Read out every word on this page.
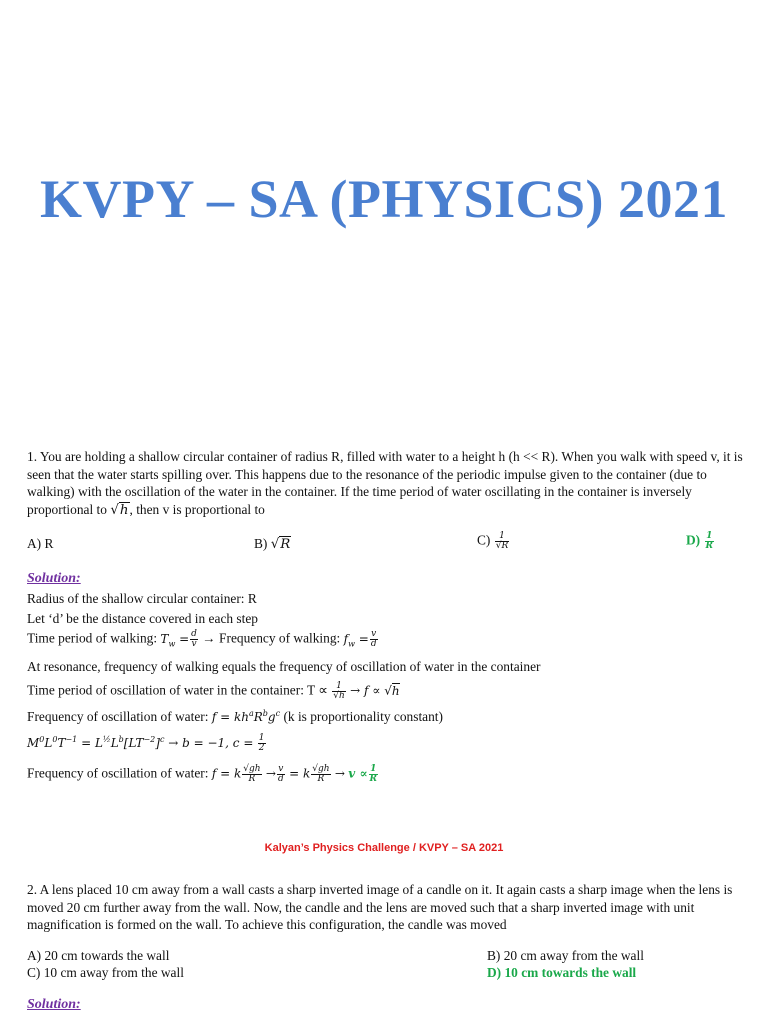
KVPY – SA (PHYSICS) 2021
1. You are holding a shallow circular container of radius R, filled with water to a height h (h << R). When you walk with speed v, it is seen that the water starts spilling over. This happens due to the resonance of the periodic impulse given to the container (due to walking) with the oscillation of the water in the container. If the time period of water oscillating in the container is inversely proportional to √h, then v is proportional to
A) R	B) √R	$C) \frac{1}{√R}$	$D) \frac{1}{R}$
Solution:
Radius of the shallow circular container: R
Let ‘d’ be the distance covered in each step
Time period of walking: $T_w = \frac{d}{v}$ → Frequency of walking: $f_w = \frac{v}{d}$
At resonance, frequency of walking equals the frequency of oscillation of water in the container
Time period of oscillation of water in the container: $T \propto \frac{1}{√h} \to f \propto √h$
Frequency of oscillation of water: $f = kh^aR^bg^c$ (k is proportionality constant)
$M^0L^0T^{-1} = L^{\frac{1}{2}}L^b[LT^{-2}]^c \to b = -1$, $c = \frac{1}{2}$
Frequency of oscillation of water: f = k $\frac{√gh}{R} \to \frac{v}{d} = k \frac{√gh}{R} \to v \propto \frac{1}{R}$
Kalyan’s Physics Challenge / KVPY – SA 2021
2. A lens placed 10 cm away from a wall casts a sharp inverted image of a candle on it. It again casts a sharp image when the lens is moved 20 cm further away from the wall. Now, the candle and the lens are moved such that a sharp inverted image with unit magnification is formed on the wall. To achieve this configuration, the candle was moved
A) 20 cm towards the wall	B) 20 cm away from the wall
C) 10 cm away from the wall	D) 10 cm towards the wall
Solution:
